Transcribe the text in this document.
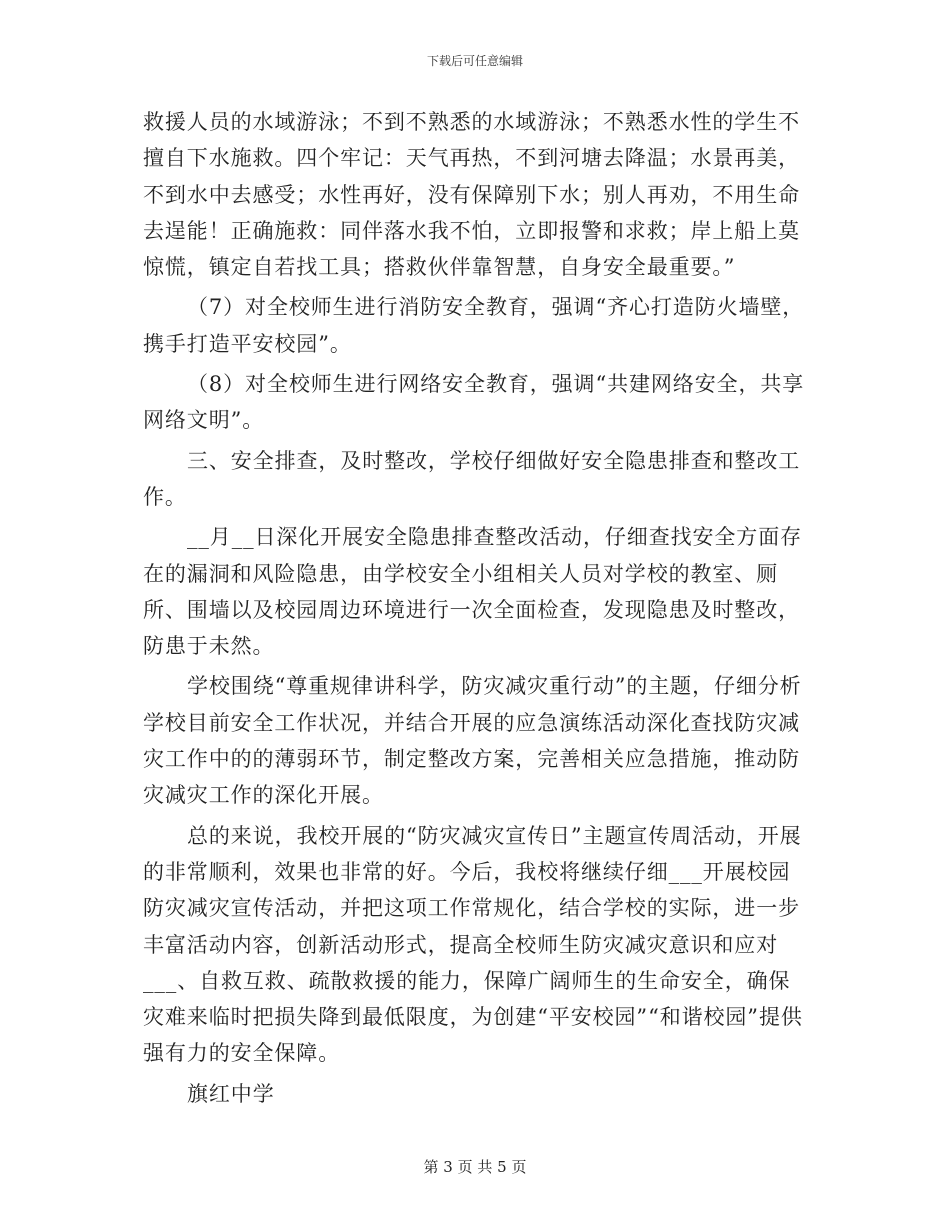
下载后可任意编辑

救援人员的水域游泳；不到不熟悉的水域游泳；不熟悉水性的学生不擅自下水施救。四个牢记：天气再热，不到河塘去降温；水景再美，不到水中去感受；水性再好，没有保障别下水；别人再劝，不用生命去逞能！正确施救：同伴落水我不怕，立即报警和求救；岸上船上莫惊慌，镇定自若找工具；搭救伙伴靠智慧，自身安全最重要。”

（7）对全校师生进行消防安全教育，强调“齐心打造防火墙壁，携手打造平安校园”。

（8）对全校师生进行网络安全教育，强调“共建网络安全，共享网络文明”。

三、安全排查，及时整改，学校仔细做好安全隐患排查和整改工作。

__月__日深化开展安全隐患排查整改活动，仔细查找安全方面存在的漏洞和风险隐患，由学校安全小组相关人员对学校的教室、厕所、围墙以及校园周边环境进行一次全面检查，发现隐患及时整改，防患于未然。

学校围绕“尊重规律讲科学，防灾减灾重行动”的主题，仔细分析学校目前安全工作状况，并结合开展的应急演练活动深化查找防灾减灾工作中的的薄弱环节，制定整改方案，完善相关应急措施，推动防灾减灾工作的深化开展。

总的来说，我校开展的“防灾减灾宣传日”主题宣传周活动，开展的非常顺利，效果也非常的好。今后，我校将继续仔细___开展校园防灾减灾宣传活动，并把这项工作常规化，结合学校的实际，进一步丰富活动内容，创新活动形式，提高全校师生防灾减灾意识和应对___、自救互救、疏散救援的能力，保障广阔师生的生命安全，确保灾难来临时把损失降到最低限度，为创建“平安校园”“和谐校园”提供强有力的安全保障。

旗红中学

第 3 页 共 5 页
